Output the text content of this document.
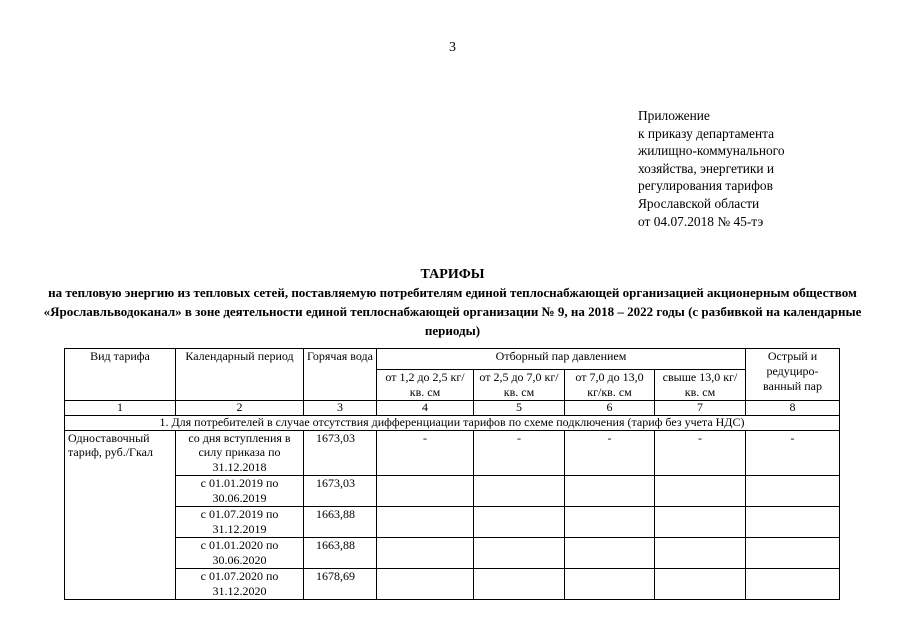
3
Приложение
к приказу департамента
жилищно-коммунального
хозяйства, энергетики и
регулирования тарифов
Ярославской области
от 04.07.2018 № 45-тэ
ТАРИФЫ
на тепловую энергию из тепловых сетей, поставляемую потребителям единой теплоснабжающей организацией акционерным обществом «Ярославльводоканал» в зоне деятельности единой теплоснабжающей организации № 9, на 2018 – 2022 годы (с разбивкой на календарные периоды)
Вид тарифа	Календарный период	Горячая вода	Отборный пар давлением				Острый и редуциро-ванный пар
			от 1,2 до 2,5 кг/кв. см	от 2,5 до 7,0 кг/кв. см	от 7,0 до 13,0 кг/кв. см	свыше 13,0 кг/кв. см	
1	2	3	4	5	6	7	8
1. Для потребителей в случае отсутствия дифференциации тарифов по схеме подключения (тариф без учета НДС)							
Одноставочный тариф, руб./Гкал	со дня вступления в силу приказа по 31.12.2018	1673,03	-	-	-	-	-
	с 01.01.2019 по 30.06.2019	1673,03					
	с 01.07.2019 по 31.12.2019	1663,88					
	с 01.01.2020 по 30.06.2020	1663,88					
	с 01.07.2020 по 31.12.2020	1678,69					
